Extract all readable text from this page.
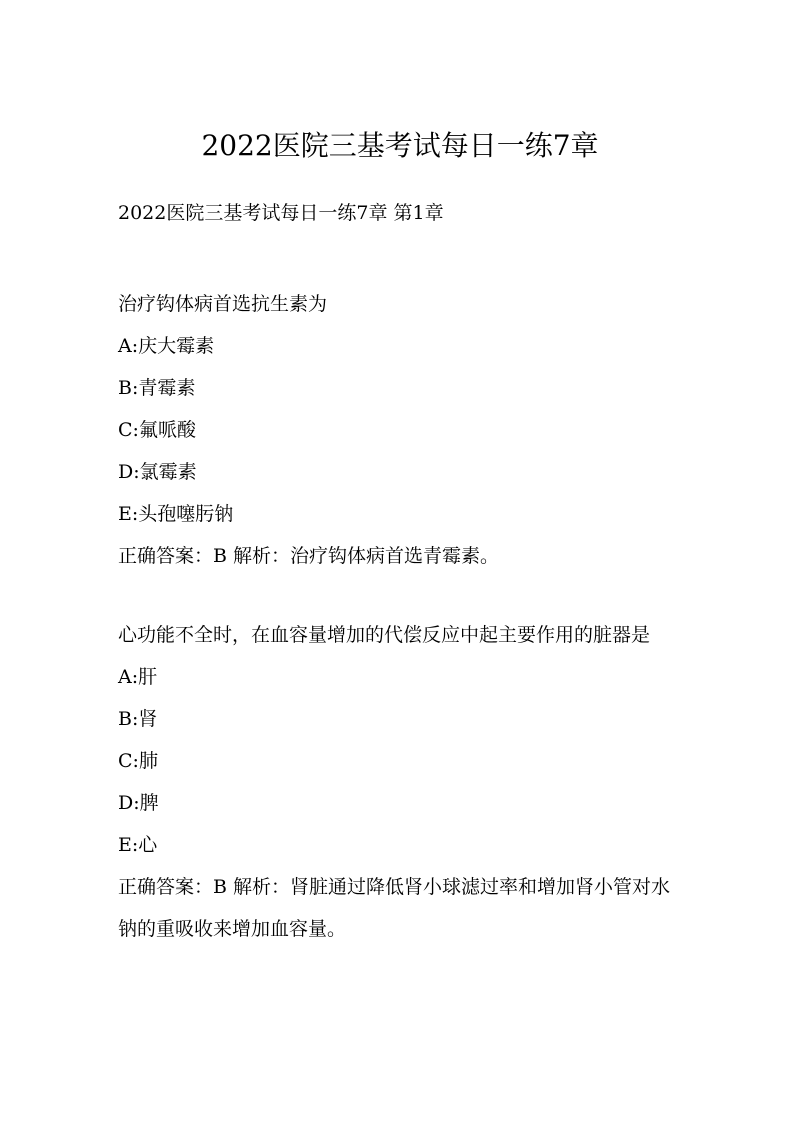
2022医院三基考试每日一练7章

2022医院三基考试每日一练7章 第1章

治疗钩体病首选抗生素为

A:庆大霉素

B:青霉素

C:氟哌酸

D:氯霉素

E:头孢噻肟钠

正确答案：B 解析：治疗钩体病首选青霉素。

心功能不全时，在血容量增加的代偿反应中起主要作用的脏器是

A:肝

B:肾

C:肺

D:脾

E:心

正确答案：B 解析：肾脏通过降低肾小球滤过率和增加肾小管对水钠的重吸收来增加血容量。
